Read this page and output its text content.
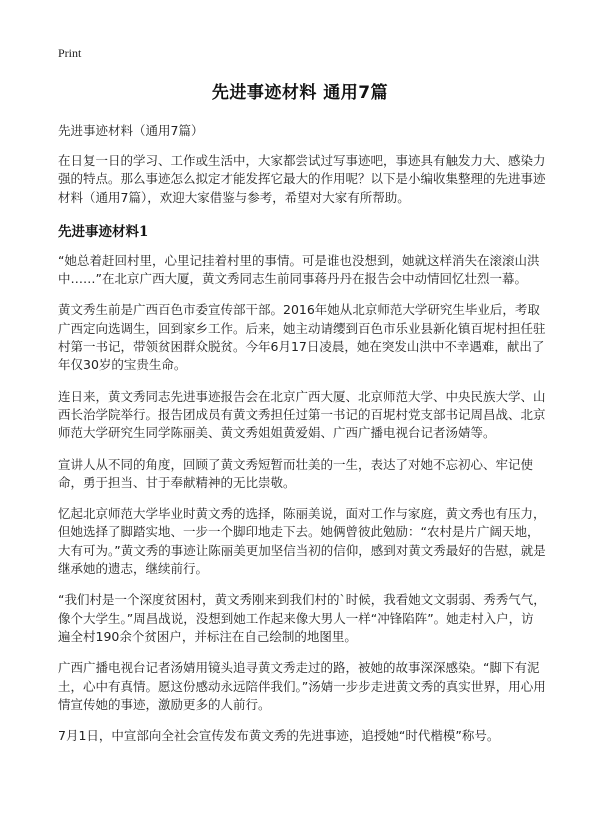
Print
先进事迹材料 通用7篇

先进事迹材料（通用7篇）

在日复一日的学习、工作或生活中，大家都尝试过写事迹吧，事迹具有触发力大、感染力强的特点。那么事迹怎么拟定才能发挥它最大的作用呢？以下是小编收集整理的先进事迹材料（通用7篇），欢迎大家借鉴与参考，希望对大家有所帮助。

先进事迹材料1

“她总着赶回村里，心里记挂着村里的事情。可是谁也没想到，她就这样消失在滚滚山洪中……”在北京广西大厦，黄文秀同志生前同事蒋丹丹在报告会中动情回忆壮烈一幕。

黄文秀生前是广西百色市委宣传部干部。2016年她从北京师范大学研究生毕业后，考取广西定向选调生，回到家乡工作。后来，她主动请缨到百色市乐业县新化镇百坭村担任驻村第一书记，带领贫困群众脱贫。今年6月17日凌晨，她在突发山洪中不幸遇难，献出了年仅30岁的宝贵生命。

连日来，黄文秀同志先进事迹报告会在北京广西大厦、北京师范大学、中央民族大学、山西长治学院举行。报告团成员有黄文秀担任过第一书记的百坭村党支部书记周昌战、北京师范大学研究生同学陈丽美、黄文秀姐姐黄爱娟、广西广播电视台记者汤婧等。

宣讲人从不同的角度，回顾了黄文秀短暂而壮美的一生，表达了对她不忘初心、牢记使命，勇于担当、甘于奉献精神的无比崇敬。

忆起北京师范大学毕业时黄文秀的选择，陈丽美说，面对工作与家庭，黄文秀也有压力，但她选择了脚踏实地、一步一个脚印地走下去。她俩曾彼此勉励：“农村是片广阔天地，大有可为。”黄文秀的事迹让陈丽美更加坚信当初的信仰，感到对黄文秀最好的告慰，就是继承她的遗志，继续前行。

“我们村是一个深度贫困村，黄文秀刚来到我们村的`时候，我看她文文弱弱、秀秀气气，像个大学生。”周昌战说，没想到她工作起来像大男人一样“冲锋陷阵”。她走村入户，访遍全村190余个贫困户，并标注在自己绘制的地图里。

广西广播电视台记者汤婧用镜头追寻黄文秀走过的路，被她的故事深深感染。“脚下有泥土，心中有真情。愿这份感动永远陪伴我们。”汤婧一步步走进黄文秀的真实世界，用心用情宣传她的事迹，激励更多的人前行。

7月1日，中宣部向全社会宣传发布黄文秀的先进事迹，追授她“时代楷模”称号。
